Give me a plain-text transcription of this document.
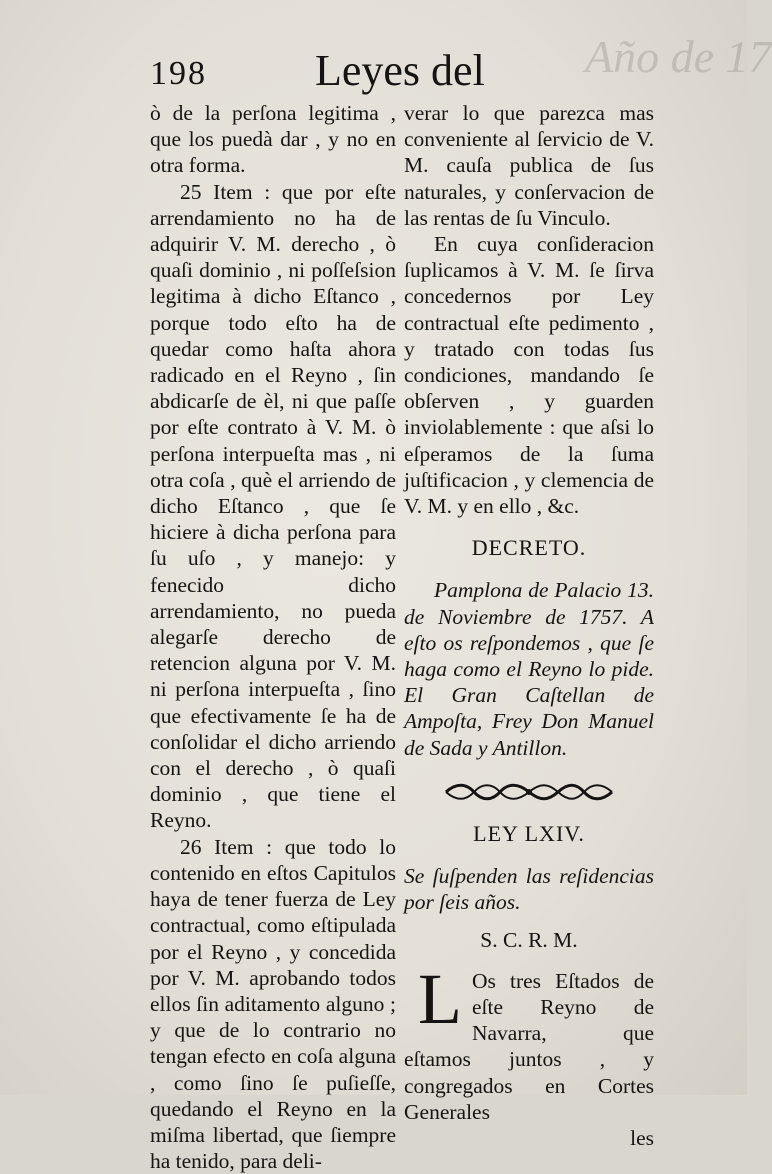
Año de 17
198 Leyes del

ò de la perſona legitima , que los puedà dar , y no en otra forma.

25 Item : que por eſte arrendamiento no ha de adquirir V. M. derecho , ò quaſi dominio , ni poſſeſsion legitima à dicho Eſtanco , porque todo eſto ha de quedar como haſta ahora radicado en el Reyno , ſin abdicarſe de èl, ni que paſſe por eſte contrato à V. M. ò perſona interpueſta mas , ni otra coſa , què el arriendo de dicho Eſtanco , que ſe hiciere à dicha perſona para ſu uſo , y manejo: y fenecido dicho arrendamiento, no pueda alegarſe derecho de retencion alguna por V. M. ni perſona interpueſta , ſino que efectivamente ſe ha de conſolidar el dicho arriendo con el derecho , ò quaſi dominio , que tiene el Reyno.

26 Item : que todo lo contenido en eſtos Capitulos haya de tener fuerza de Ley contractual, como eſtipulada por el Reyno , y concedida por V. M. aprobando todos ellos ſin aditamento alguno ; y que de lo contrario no tengan efecto en coſa alguna , como ſino ſe puſieſſe, quedando el Reyno en la miſma libertad, que ſiempre ha tenido, para deli-

verar lo que parezca mas conveniente al ſervicio de V. M. cauſa publica de ſus naturales, y conſervacion de las rentas de ſu Vinculo.

En cuya conſideracion ſuplicamos à V. M. ſe ſirva concedernos por Ley contractual eſte pedimento , y tratado con todas ſus condiciones, mandando ſe obſerven , y guarden inviolablemente : que aſsi lo eſperamos de la ſuma juſtificacion , y clemencia de V. M. y en ello , &c.

DECRETO.

Pamplona de Palacio 13. de Noviembre de 1757. A eſto os reſpondemos , que ſe haga como el Reyno lo pide. El Gran Caſtellan de Ampoſta, Frey Don Manuel de Sada y Antillon.

LEY LXIV.

Se ſuſpenden las reſidencias por ſeis años.

S. C. R. M.
L Os tres Eſtados de eſte Reyno de Navarra, que eſtamos juntos , y congregados en Cortes Generales
les
